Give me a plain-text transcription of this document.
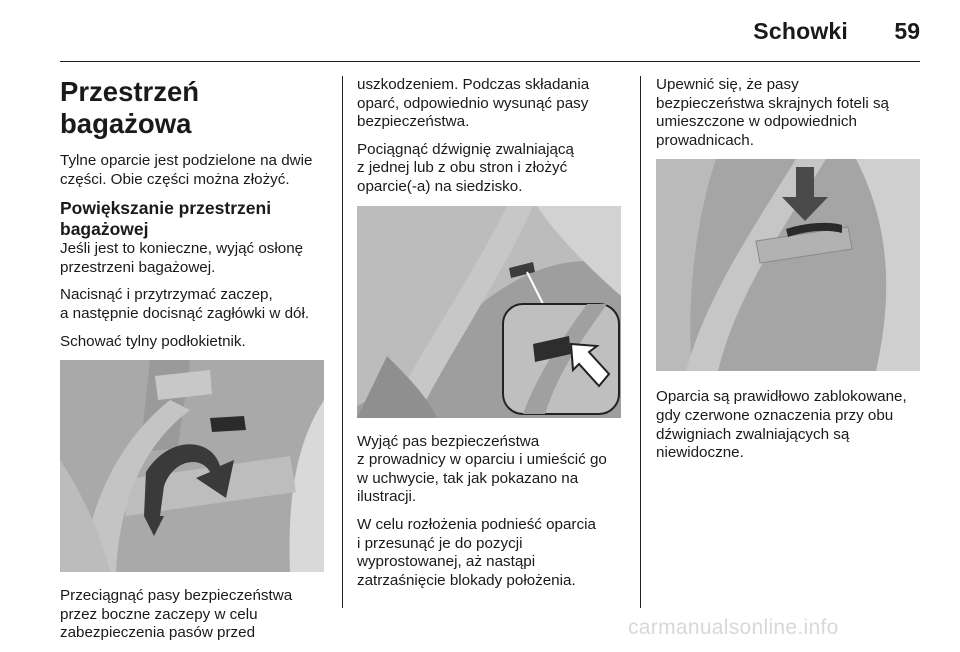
Schowki 59
Przestrzeń bagażowa

Tylne oparcie jest podzielone na dwie
części. Obie części można złożyć.

Powiększanie przestrzeni
bagażowej

Jeśli jest to konieczne, wyjąć osłonę
przestrzeni bagażowej.

Nacisnąć i przytrzymać zaczep,
a następnie docisnąć zagłówki w dół.

Schować tylny podłokietnik.

Przeciągnąć pasy bezpieczeństwa
przez boczne zaczepy w celu
zabezpieczenia pasów przed

uszkodzeniem. Podczas składania
oparć, odpowiednio wysunąć pasy
bezpieczeństwa.

Pociągnąć dźwignię zwalniającą
z jednej lub z obu stron i złożyć
oparcie(-a) na siedzisko.

Wyjąć pas bezpieczeństwa
z prowadnicy w oparciu i umieścić go
w uchwycie, tak jak pokazano na
ilustracji.

W celu rozłożenia podnieść oparcia
i przesunąć je do pozycji
wyprostowanej, aż nastąpi
zatrzaśnięcie blokady położenia.

Upewnić się, że pasy
bezpieczeństwa skrajnych foteli są
umieszczone w odpowiednich
prowadnicach.

Oparcia są prawidłowo zablokowane,
gdy czerwone oznaczenia przy obu
dźwigniach zwalniających są
niewidoczne.

carmanualsonline.info
